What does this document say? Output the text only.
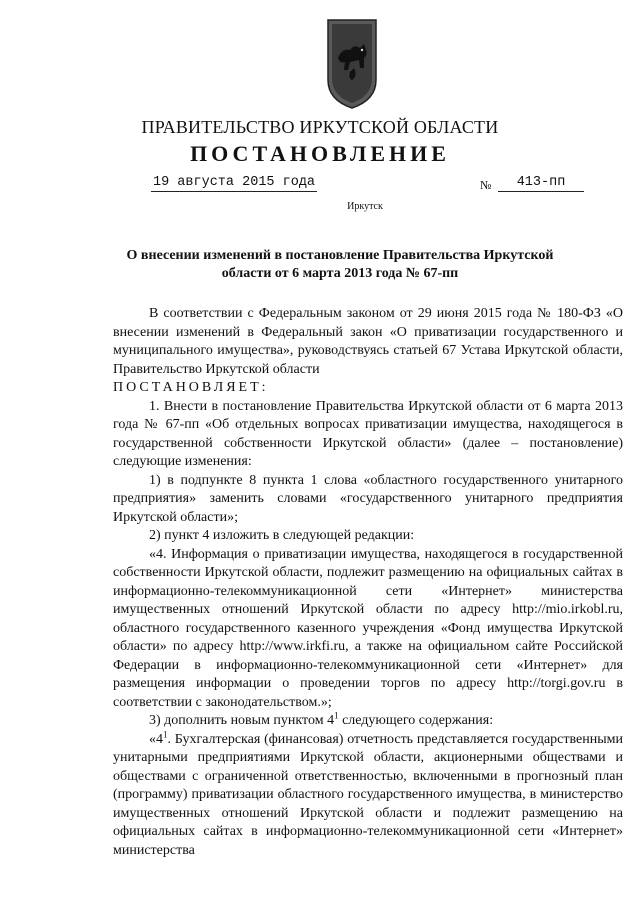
ПРАВИТЕЛЬСТВО ИРКУТСКОЙ ОБЛАСТИ
ПОСТАНОВЛЕНИЕ
19 августа 2015 года	№	413-пп
Иркутск
О внесении изменений в постановление Правительства Иркутской области от 6 марта 2013 года № 67-пп

В соответствии с Федеральным законом от 29 июня 2015 года № 180-ФЗ «О внесении изменений в Федеральный закон «О приватизации государственного и муниципального имущества», руководствуясь статьей 67 Устава Иркутской области, Правительство Иркутской области

ПОСТАНОВЛЯЕТ:

1. Внести в постановление Правительства Иркутской области от 6 марта 2013 года № 67-пп «Об отдельных вопросах приватизации имущества, находящегося в государственной собственности Иркутской области» (далее – постановление) следующие изменения:

1) в подпункте 8 пункта 1 слова «областного государственного унитарного предприятия» заменить словами «государственного унитарного предприятия Иркутской области»;

2) пункт 4 изложить в следующей редакции:

«4. Информация о приватизации имущества, находящегося в государственной собственности Иркутской области, подлежит размещению на официальных сайтах в информационно-телекоммуникационной сети «Интернет» министерства имущественных отношений Иркутской области по адресу http://mio.irkobl.ru, областного государственного казенного учреждения «Фонд имущества Иркутской области» по адресу http://www.irkfi.ru, а также на официальном сайте Российской Федерации в информационно-телекоммуникационной сети «Интернет» для размещения информации о проведении торгов по адресу http://torgi.gov.ru в соответствии с законодательством.»;

3) дополнить новым пунктом $4^1$ следующего содержания:

«$4^1$. Бухгалтерская (финансовая) отчетность представляется государственными унитарными предприятиями Иркутской области, акционерными обществами и обществами с ограниченной ответственностью, включенными в прогнозный план (программу) приватизации областного государственного имущества, в министерство имущественных отношений Иркутской области и подлежит размещению на официальных сайтах в информационно-телекоммуникационной сети «Интернет» министерства
